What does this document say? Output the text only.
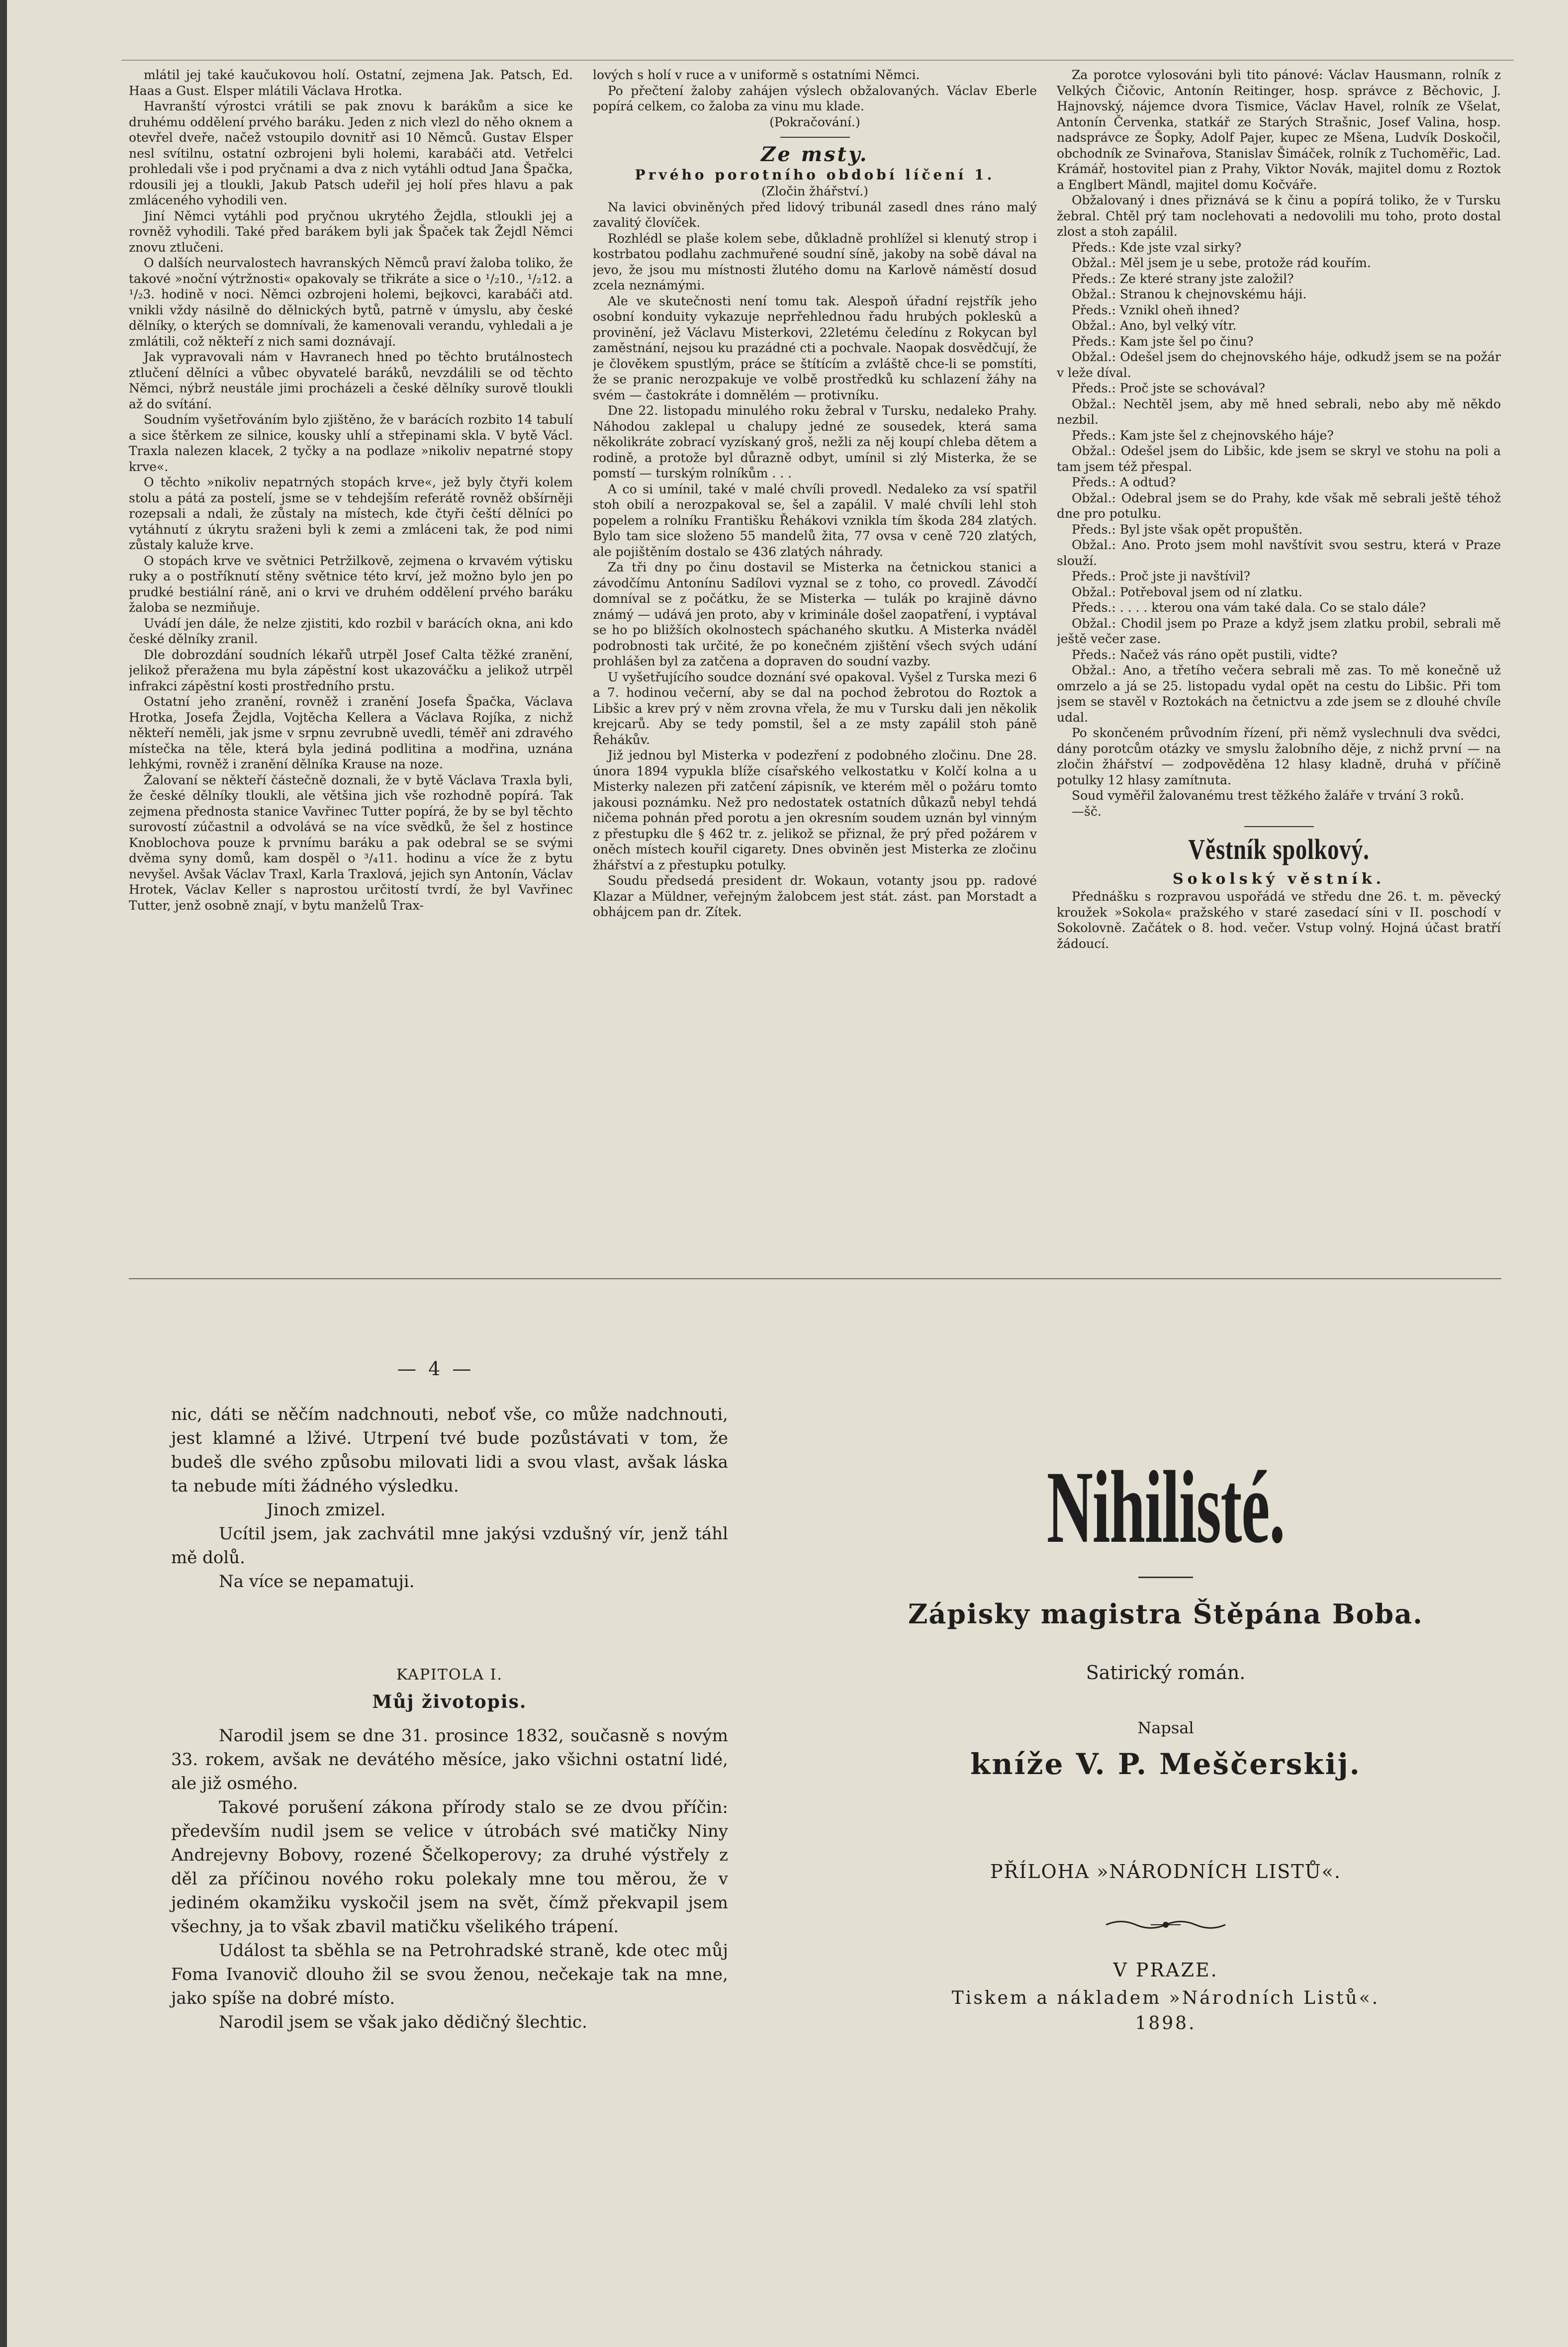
mlátil jej také kaučukovou holí. Ostatní, zejmena Jak. Patsch, Ed. Haas a Gust. Elsper mlátili Václava Hrotka.

Havranští výrostci vrátili se pak znovu k barákům a sice ke druhému oddělení prvého baráku. Jeden z nich vlezl do něho oknem a otevřel dveře, načež vstoupilo dovnitř asi 10 Němců. Gustav Elsper nesl svítilnu, ostatní ozbrojeni byli holemi, karabáči atd. Vetřelci prohledali vše i pod pryčnami a dva z nich vytáhli odtud Jana Špačka, rdousili jej a tloukli, Jakub Patsch udeřil jej holí přes hlavu a pak zmláceného vyhodili ven.

Jiní Němci vytáhli pod pryčnou ukrytého Žejdla, stloukli jej a rovněž vyhodili. Také před barákem byli jak Špaček tak Žejdl Němci znovu ztlučeni.

O dalších neurvalostech havranských Němců praví žaloba toliko, že takové »noční výtržnosti« opakovaly se třikráte a sice o ¹/₂10., ¹/₂12. a ¹/₂3. hodině v noci. Němci ozbrojeni holemi, bejkovci, karabáči atd. vnikli vždy násilně do dělnických bytů, patrně v úmyslu, aby české dělníky, o kterých se domnívali, že kamenovali verandu, vyhledali a je zmlátili, což někteří z nich sami doznávají.

Jak vypravovali nám v Havranech hned po těchto brutálnostech ztlučení dělníci a vůbec obyvatelé baráků, nevzdálili se od těchto Němci, nýbrž neustále jimi procházeli a české dělníky surově tloukli až do svítání.

Soudním vyšetřováním bylo zjištěno, že v barácích rozbito 14 tabulí a sice štěrkem ze silnice, kousky uhlí a střepinami skla. V bytě Václ. Traxla nalezen klacek, 2 tyčky a na podlaze »nikoliv nepatrné stopy krve«.

O těchto »nikoliv nepatrných stopách krve«, jež byly čtyři kolem stolu a pátá za postelí, jsme se v tehdejším referátě rovněž obšírněji rozepsali a ndali, že zůstaly na místech, kde čtyři čeští dělníci po vytáhnutí z úkrytu sraženi byli k zemi a zmláceni tak, že pod nimi zůstaly kaluže krve.

O stopách krve ve světnici Petržilkově, zejmena o krvavém výtisku ruky a o postříknutí stěny světnice této krví, jež možno bylo jen po prudké bestiální ráně, ani o krvi ve druhém oddělení prvého baráku žaloba se nezmiňuje.

Uvádí jen dále, že nelze zjistiti, kdo rozbil v barácích okna, ani kdo české dělníky zranil.

Dle dobrozdání soudních lékařů utrpěl Josef Calta těžké zranění, jelikož přeražena mu byla zápěstní kost ukazováčku a jelikož utrpěl infrakci zápěstní kosti prostředního prstu.

Ostatní jeho zranění, rovněž i zranění Josefa Špačka, Václava Hrotka, Josefa Žejdla, Vojtěcha Kellera a Václava Rojíka, z nichž někteří neměli, jak jsme v srpnu zevrubně uvedli, téměř ani zdravého místečka na těle, která byla jediná podlitina a modřina, uznána lehkými, rovněž i zranění dělníka Krause na noze.

Žalovaní se někteří částečně doznali, že v bytě Václava Traxla byli, že české dělníky tloukli, ale většina jich vše rozhodně popírá. Tak zejmena přednosta stanice Vavřinec Tutter popírá, že by se byl těchto surovostí zúčastnil a odvolává se na více svědků, že šel z hostince Knoblochova pouze k prvnímu baráku a pak odebral se se svými dvěma syny domů, kam dospěl o ³/₄11. hodinu a více že z bytu nevyšel. Avšak Václav Traxl, Karla Traxlová, jejich syn Antonín, Václav Hrotek, Václav Keller s naprostou určitostí tvrdí, že byl Vavřinec Tutter, jenž osobně znají, v bytu manželů Trax-

lových s holí v ruce a v uniformě s ostatními Němci.

Po přečtení žaloby zahájen výslech obžalovaných. Václav Eberle popírá celkem, co žaloba za vinu mu klade.

(Pokračování.)

Ze msty.
Prvého porotního období líčení 1.

(Zločin žhářství.)

Na lavici obviněných před lidový tribunál zasedl dnes ráno malý zavalitý človíček.

Rozhlédl se plaše kolem sebe, důkladně prohlížel si klenutý strop i kostrbatou podlahu zachmuřené soudní síně, jakoby na sobě dával na jevo, že jsou mu místnosti žlutého domu na Karlově náměstí dosud zcela neznámými.

Ale ve skutečnosti není tomu tak. Alespoň úřadní rejstřík jeho osobní konduity vykazuje neprřehlednou řadu hrubých pokleskû a provinění, jež Václavu Misterkovi, 22letému čeledínu z Rokycan byl zaměstnání, nejsou ku prazádné cti a pochvale. Naopak dosvědčují, že je člověkem spustlým, práce se štítícím a zvláště chce-li se pomstíti, že se pranic nerozpakuje ve volbě prostředků ku schlazení žáhy na svém — častokráte i domnělém — protivníku.

Dne 22. listopadu minulého roku žebral v Tursku, nedaleko Prahy. Náhodou zaklepal u chalupy jedné ze sousedek, která sama několikráte zobrací vyzískaný groš, nežli za něj koupí chleba dětem a rodině, a protože byl důrazně odbyt, umínil si zlý Misterka, že se pomstí — turským rolníkům . . .

A co si umínil, také v malé chvíli provedl. Nedaleko za vsí spatřil stoh obilí a nerozpakoval se, šel a zapálil. V malé chvíli lehl stoh popelem a rolníku Františku Řehákovi vznikla tím škoda 284 zlatých. Bylo tam sice složeno 55 mandelů žita, 77 ovsa v ceně 720 zlatých, ale pojištěním dostalo se 436 zlatých náhrady.

Za tři dny po činu dostavil se Misterka na četnickou stanici a závodčímu Antonínu Sadílovi vyznal se z toho, co provedl. Závodčí domníval se z počátku, že se Misterka — tulák po krajině dávno známý — udává jen proto, aby v kriminále došel zaopatření, i vyptával se ho po bližších okolnostech spáchaného skutku. A Misterka nváděl podrobnosti tak určité, že po konečném zjištění všech svých udání prohlášen byl za zatčena a dopraven do soudní vazby.

U vyšetřujícího soudce doznání své opakoval. Vyšel z Turska mezi 6 a 7. hodinou večerní, aby se dal na pochod žebrotou do Roztok a Libšic a krev prý v něm zrovna vřela, že mu v Tursku dali jen několik krejcarů. Aby se tedy pomstil, šel a ze msty zapálil stoh páně Řehákův.

Již jednou byl Misterka v podezření z podobného zločinu. Dne 28. února 1894 vypukla blíže císařského velkostatku v Kolčí kolna a u Misterky nalezen při zatčení zápisník, ve kterém měl o požáru tomto jakousi poznámku. Než pro nedostatek ostatních důkazů nebyl tehdá ničema pohnán před porotu a jen okresním soudem uznán byl vinným z přestupku dle § 462 tr. z. jelikož se přiznal, že prý před požárem v oněch místech kouřil cigarety. Dnes obviněn jest Misterka ze zločinu žhářství a z přestupku potulky.

Soudu předsedá president dr. Wokaun, votanty jsou pp. radové Klazar a Müldner, veřejným žalobcem jest stát. zást. pan Morstadt a obhájcem pan dr. Zítek.

Za porotce vylosováni byli tito pánové: Václav Hausmann, rolník z Velkých Čičovic, Antonín Reitinger, hosp. správce z Běchovic, J. Hajnovský, nájemce dvora Tismice, Václav Havel, rolník ze Všelat, Antonín Červenka, statkář ze Starých Strašnic, Josef Valina, hosp. nadsprávce ze Šopky, Adolf Pajer, kupec ze Mšena, Ludvík Doskočil, obchodník ze Svinařova, Stanislav Šimáček, rolník z Tuchoměřic, Lad. Krámář, hostovitel pian z Prahy, Viktor Novák, majitel domu z Roztok a Englbert Mändl, majitel domu Kočváře.

Obžalovaný i dnes přiznává se k činu a popírá toliko, že v Tursku žebral. Chtěl prý tam noclehovati a nedovolili mu toho, proto dostal zlost a stoh zapálil.

Předs.: Kde jste vzal sirky?

Obžal.: Měl jsem je u sebe, protože rád kouřím.

Předs.: Ze které strany jste založil?

Obžal.: Stranou k chejnovskému háji.

Předs.: Vznikl oheň ihned?

Obžal.: Ano, byl velký vítr.

Předs.: Kam jste šel po činu?

Obžal.: Odešel jsem do chejnovského háje, odkudž jsem se na požár v leže díval.

Předs.: Proč jste se schovával?

Obžal.: Nechtěl jsem, aby mě hned sebrali, nebo aby mě někdo nezbil.

Předs.: Kam jste šel z chejnovského háje?

Obžal.: Odešel jsem do Libšic, kde jsem se skryl ve stohu na poli a tam jsem též přespal.

Předs.: A odtud?

Obžal.: Odebral jsem se do Prahy, kde však mě sebrali ještě téhož dne pro potulku.

Předs.: Byl jste však opět propuštěn.

Obžal.: Ano. Proto jsem mohl navštívit svou sestru, která v Praze slouží.

Předs.: Proč jste ji navštívil?

Obžal.: Potřeboval jsem od ní zlatku.

Předs.: . . . . kterou ona vám také dala. Co se stalo dále?

Obžal.: Chodil jsem po Praze a když jsem zlatku probil, sebrali mě ještě večer zase.

Předs.: Načež vás ráno opět pustili, vidte?

Obžal.: Ano, a třetího večera sebrali mě zas. To mě konečně už omrzelo a já se 25. listopadu vydal opět na cestu do Libšic. Při tom jsem se stavěl v Roztokách na četnictvu a zde jsem se z dlouhé chvíle udal.

Po skončeném průvodním řízení, při němž vyslechnuli dva svědci, dány porotcům otázky ve smyslu žalobního děje, z nichž první — na zločin žhářství — zodpověděna 12 hlasy kladně, druhá v příčině potulky 12 hlasy zamítnuta.

Soud vyměřil žalovanému trest těžkého žaláře v trvání 3 roků.

—šč.

Věstník spolkový.
Sokolský věstník.

Přednášku s rozpravou uspořádá ve středu dne 26. t. m. pěvecký kroužek »Sokola« pražského v staré zasedací síni v II. poschodí v Sokolovně. Začátek o 8. hod. večer. Vstup volný. Hojná účast bratří žádoucí.

— 4 —

nic, dáti se něčím nadchnouti, neboť vše, co může nadchnouti, jest klamné a lživé. Utrpení tvé bude pozůstávati v tom, že budeš dle svého způsobu milovati lidi a svou vlast, avšak láska ta nebude míti žádného výsledku.

Jinoch zmizel.

Ucítil jsem, jak zachvátil mne jakýsi vzdušný vír, jenž táhl mě dolů.

Na více se nepamatuji.

KAPITOLA I.
Můj životopis.

Narodil jsem se dne 31. prosince 1832, současně s novým 33. rokem, avšak ne devátého měsíce, jako všichni ostatní lidé, ale již osmého.

Takové porušení zákona přírody stalo se ze dvou příčin: především nudil jsem se velice v útrobách své matičky Niny Andrejevny Bobovy, rozené Ščelkoperovy; za druhé výstřely z děl za příčinou nového roku polekaly mne tou měrou, že v jediném okamžiku vyskočil jsem na svět, čímž překvapil jsem všechny, ja to však zbavil matičku všelikého trápení.

Událost ta sběhla se na Petrohradské straně, kde otec můj Foma Ivanovič dlouho žil se svou ženou, nečekaje tak na mne, jako spíše na dobré místo.

Narodil jsem se však jako dědičný šlechtic.

Nihilisté.
Zápisky magistra Štěpána Boba.
Satirický román.
Napsal
kníže V. P. Meščerskij.
PŘÍLOHA »NÁRODNÍCH LISTŮ«.
V PRAZE.
Tiskem a nákladem »Národních Listů«.
1898.
